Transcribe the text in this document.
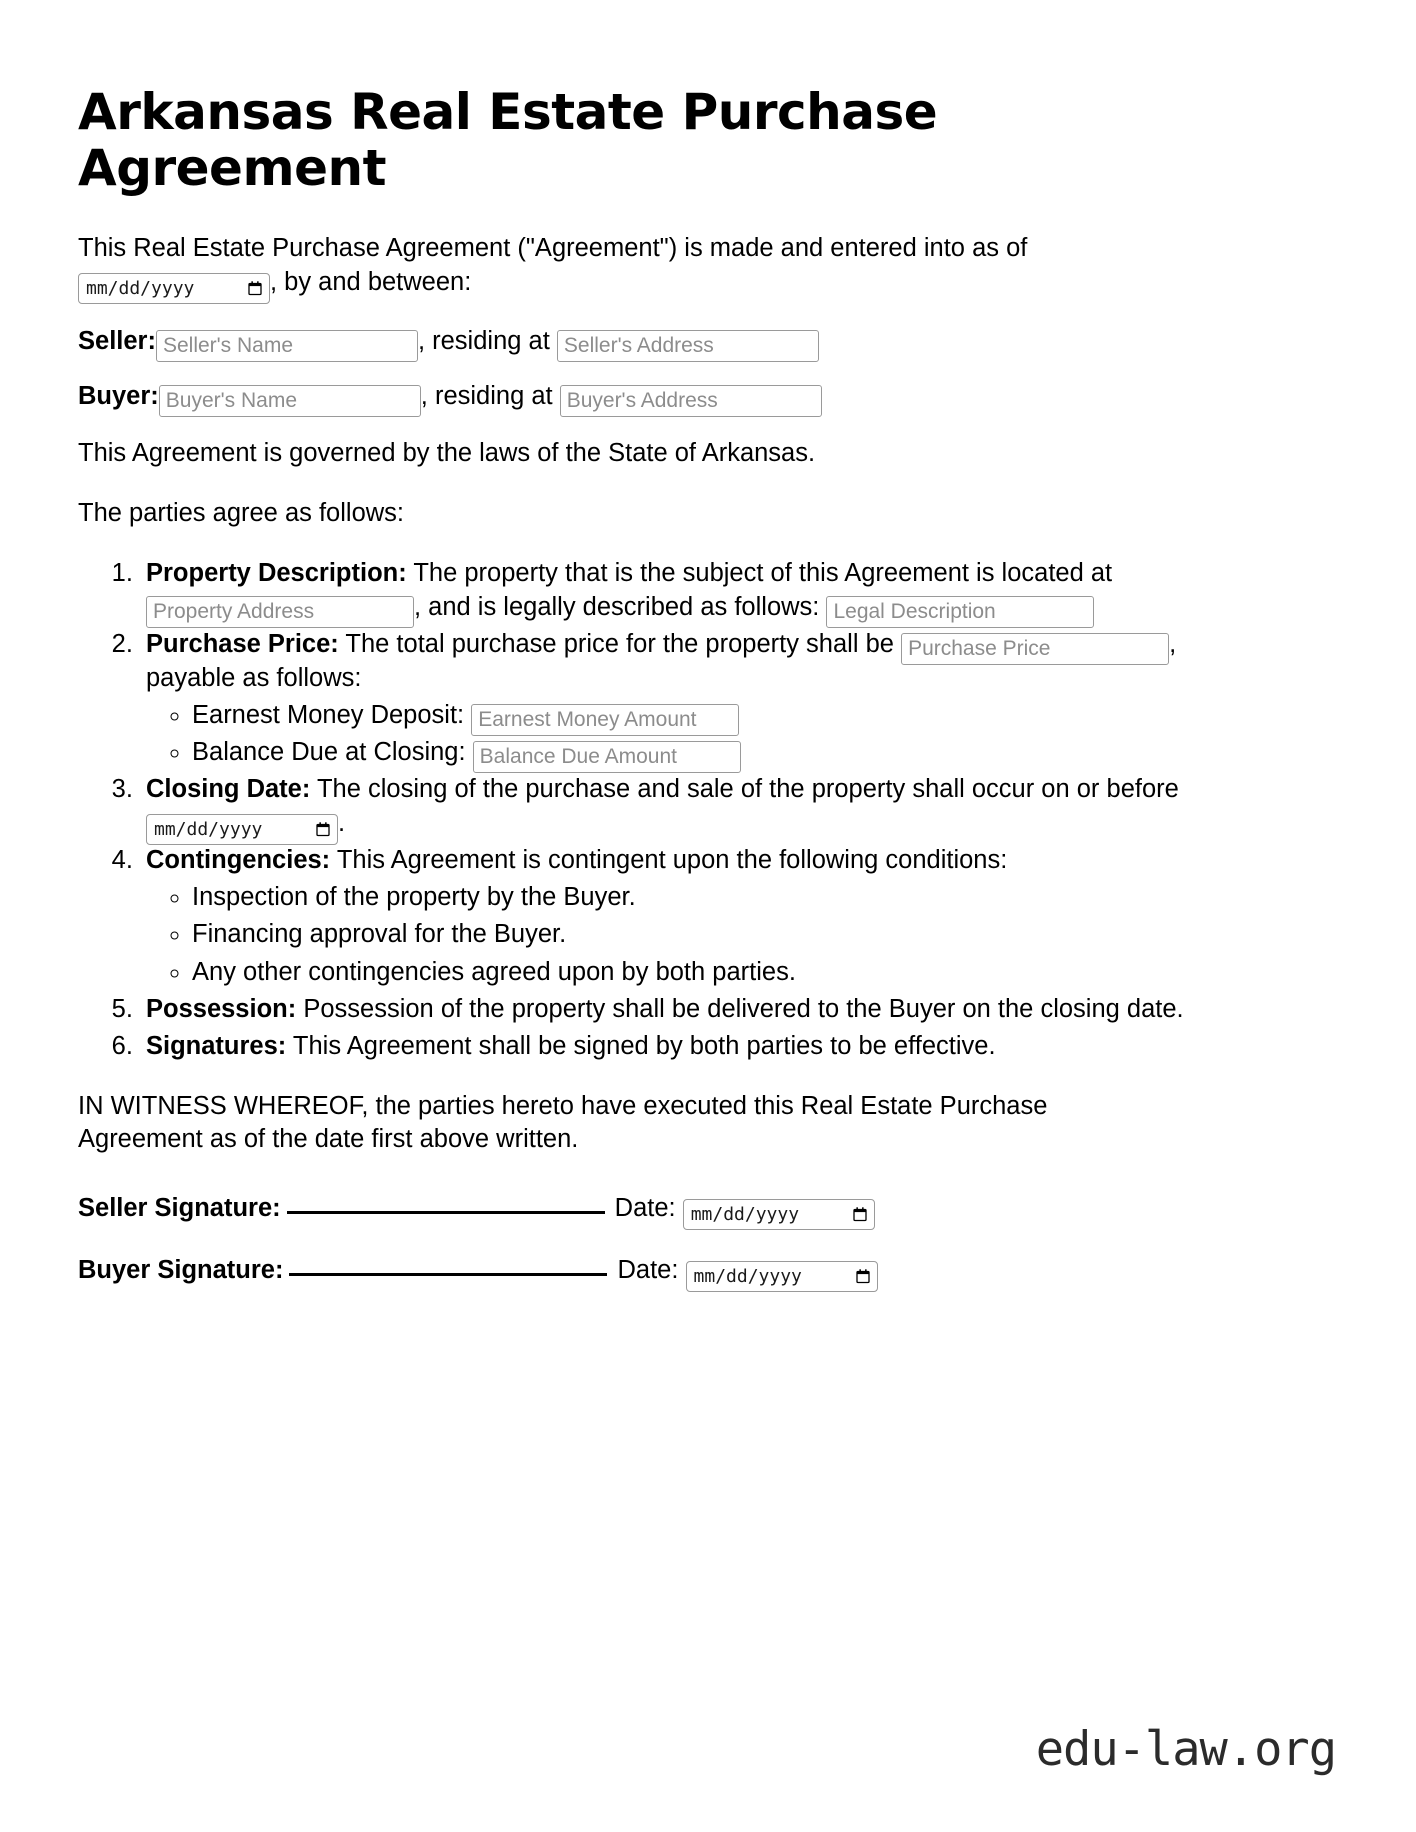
Arkansas Real Estate Purchase Agreement

This Real Estate Purchase Agreement ("Agreement") is made and entered into as of

mm/dd/yyyy	, by and between:

Seller:Seller's Name	, residing at Seller's Address
Buyer:Buyer's Name	, residing at Buyer's Address

This Agreement is governed by the laws of the State of Arkansas.

The parties agree as follows:

1. Property Description: The property that is the subject of this Agreement is located at Property Address, and is legally described as follows: Legal Description
2. Purchase Price: The total purchase price for the property shall be Purchase Price	, payable as follows:
◦ Earnest Money Deposit: Earnest Money Amount
◦ Balance Due at Closing: Balance Due Amount
3. Closing Date: The closing of the purchase and sale of the property shall occur on or before
mm/dd/yyyy	.
4. Contingencies: This Agreement is contingent upon the following conditions:
◦ Inspection of the property by the Buyer.
◦ Financing approval for the Buyer.
◦ Any other contingencies agreed upon by both parties.
5. Possession: Possession of the property shall be delivered to the Buyer on the closing date.
6. Signatures: This Agreement shall be signed by both parties to be effective.

IN WITNESS WHEREOF, the parties hereto have executed this Real Estate Purchase Agreement as of the date first above written.

Seller Signature:	Date: mm/dd/yyyy
Buyer Signature:	Date: mm/dd/yyyy
edu-law.org
